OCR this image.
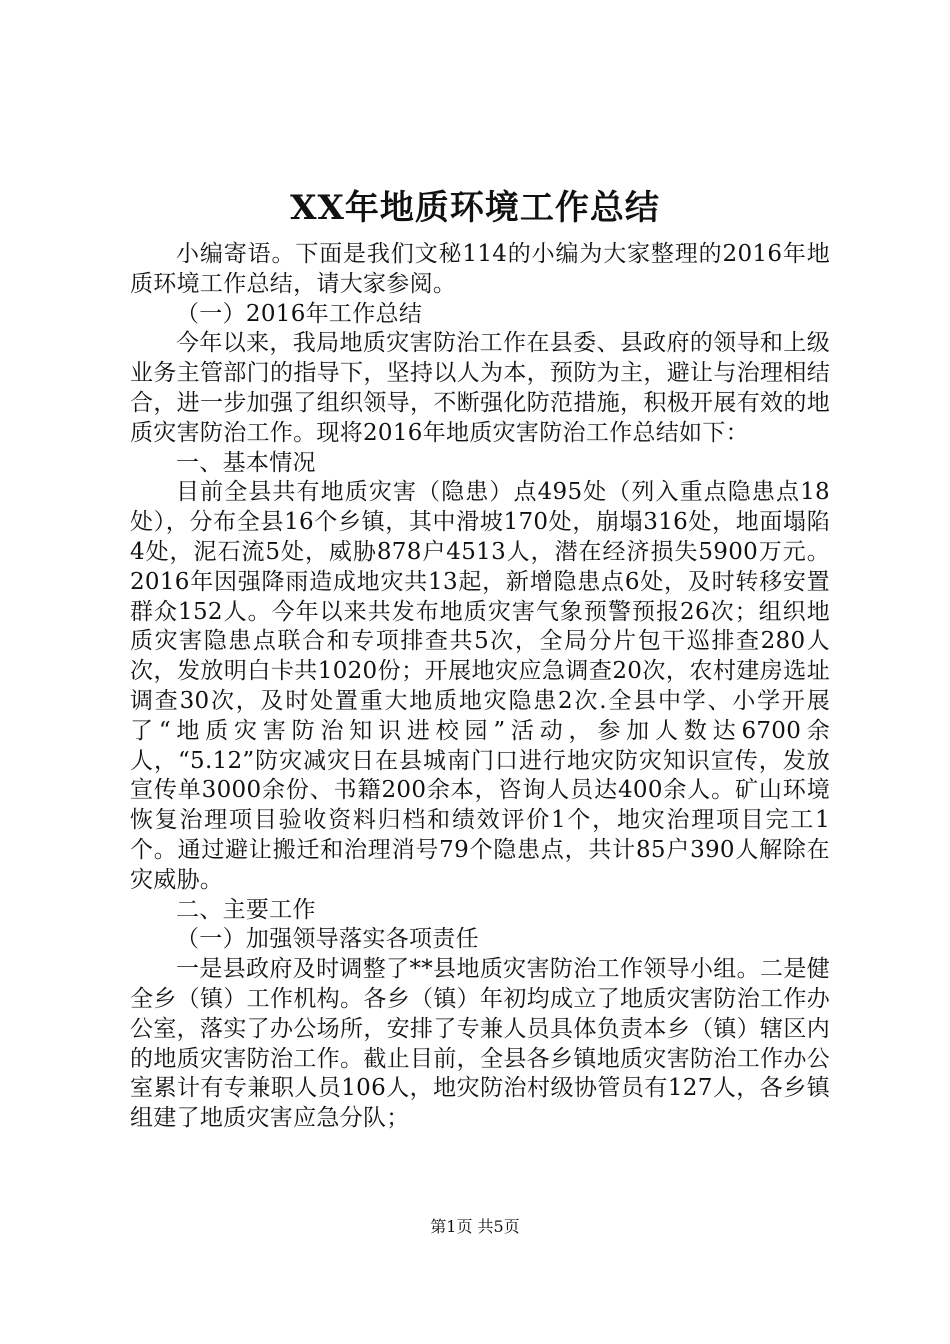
XX年地质环境工作总结

小编寄语。下面是我们文秘114的小编为大家整理的2016年地质环境工作总结，请大家参阅。

（一）2016年工作总结

今年以来，我局地质灾害防治工作在县委、县政府的领导和上级业务主管部门的指导下，坚持以人为本，预防为主，避让与治理相结合，进一步加强了组织领导，不断强化防范措施，积极开展有效的地质灾害防治工作。现将2016年地质灾害防治工作总结如下：

一、基本情况

目前全县共有地质灾害（隐患）点495处（列入重点隐患点18处），分布全县16个乡镇，其中滑坡170处，崩塌316处，地面塌陷4处，泥石流5处，威胁878户4513人，潜在经济损失5900万元。2016年因强降雨造成地灾共13起，新增隐患点6处，及时转移安置群众152人。今年以来共发布地质灾害气象预警预报26次；组织地质灾害隐患点联合和专项排查共5次，全局分片包干巡排查280人次，发放明白卡共1020份；开展地灾应急调查20次，农村建房选址调查30次，及时处置重大地质地灾隐患2次.全县中学、小学开展了“地质灾害防治知识进校园”活动，参加人数达6700余人，“5.12”防灾减灾日在县城南门口进行地灾防灾知识宣传，发放宣传单3000余份、书籍200余本，咨询人员达400余人。矿山环境恢复治理项目验收资料归档和绩效评价1个，地灾治理项目完工1个。通过避让搬迁和治理消号79个隐患点，共计85户390人解除在灾威胁。

二、主要工作

（一）加强领导落实各项责任

一是县政府及时调整了**县地质灾害防治工作领导小组。二是健全乡（镇）工作机构。各乡（镇）年初均成立了地质灾害防治工作办公室，落实了办公场所，安排了专兼人员具体负责本乡（镇）辖区内的地质灾害防治工作。截止目前，全县各乡镇地质灾害防治工作办公室累计有专兼职人员106人，地灾防治村级协管员有127人，各乡镇组建了地质灾害应急分队；

第1页 共5页
